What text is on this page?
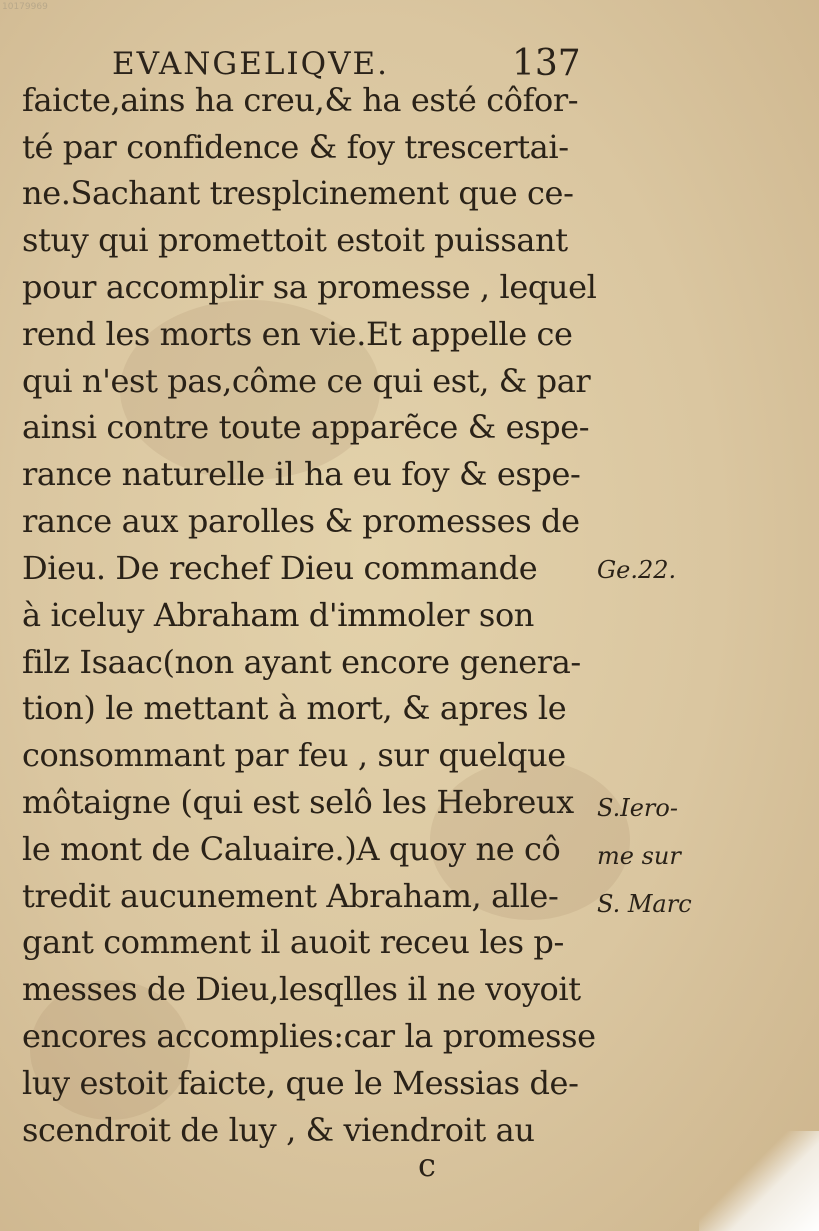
10179969
EVANGELIQVE.	137
faicte,ains ha creu,& ha esté côfor-
té par confidence & foy trescertai-
ne.Sachant tresplcinement que ce-
stuy qui promettoit estoit puissant
pour accomplir sa promesse , lequel
rend les morts en vie.Et appelle ce
qui n'est pas,côme ce qui est, & par
ainsi contre toute apparẽce & espe-
rance naturelle il ha eu foy & espe-
rance aux parolles & promesses de
Dieu. De rechef Dieu commande
à iceluy Abraham d'immoler son
filz Isaac(non ayant encore genera-
tion) le mettant à mort, & apres le
consommant par feu , sur quelque
môtaigne (qui est selô les Hebreux
le mont de Caluaire.)A quoy ne cô
tredit aucunement Abraham, alle-
gant comment il auoit receu les p-
messes de Dieu,lesqlles il ne voyoit
encores accomplies:car la promesse
luy estoit faicte, que le Messias de-
scendroit de luy , & viendroit au
Ge.22.
S.Iero-
me sur
S. Marc
c
